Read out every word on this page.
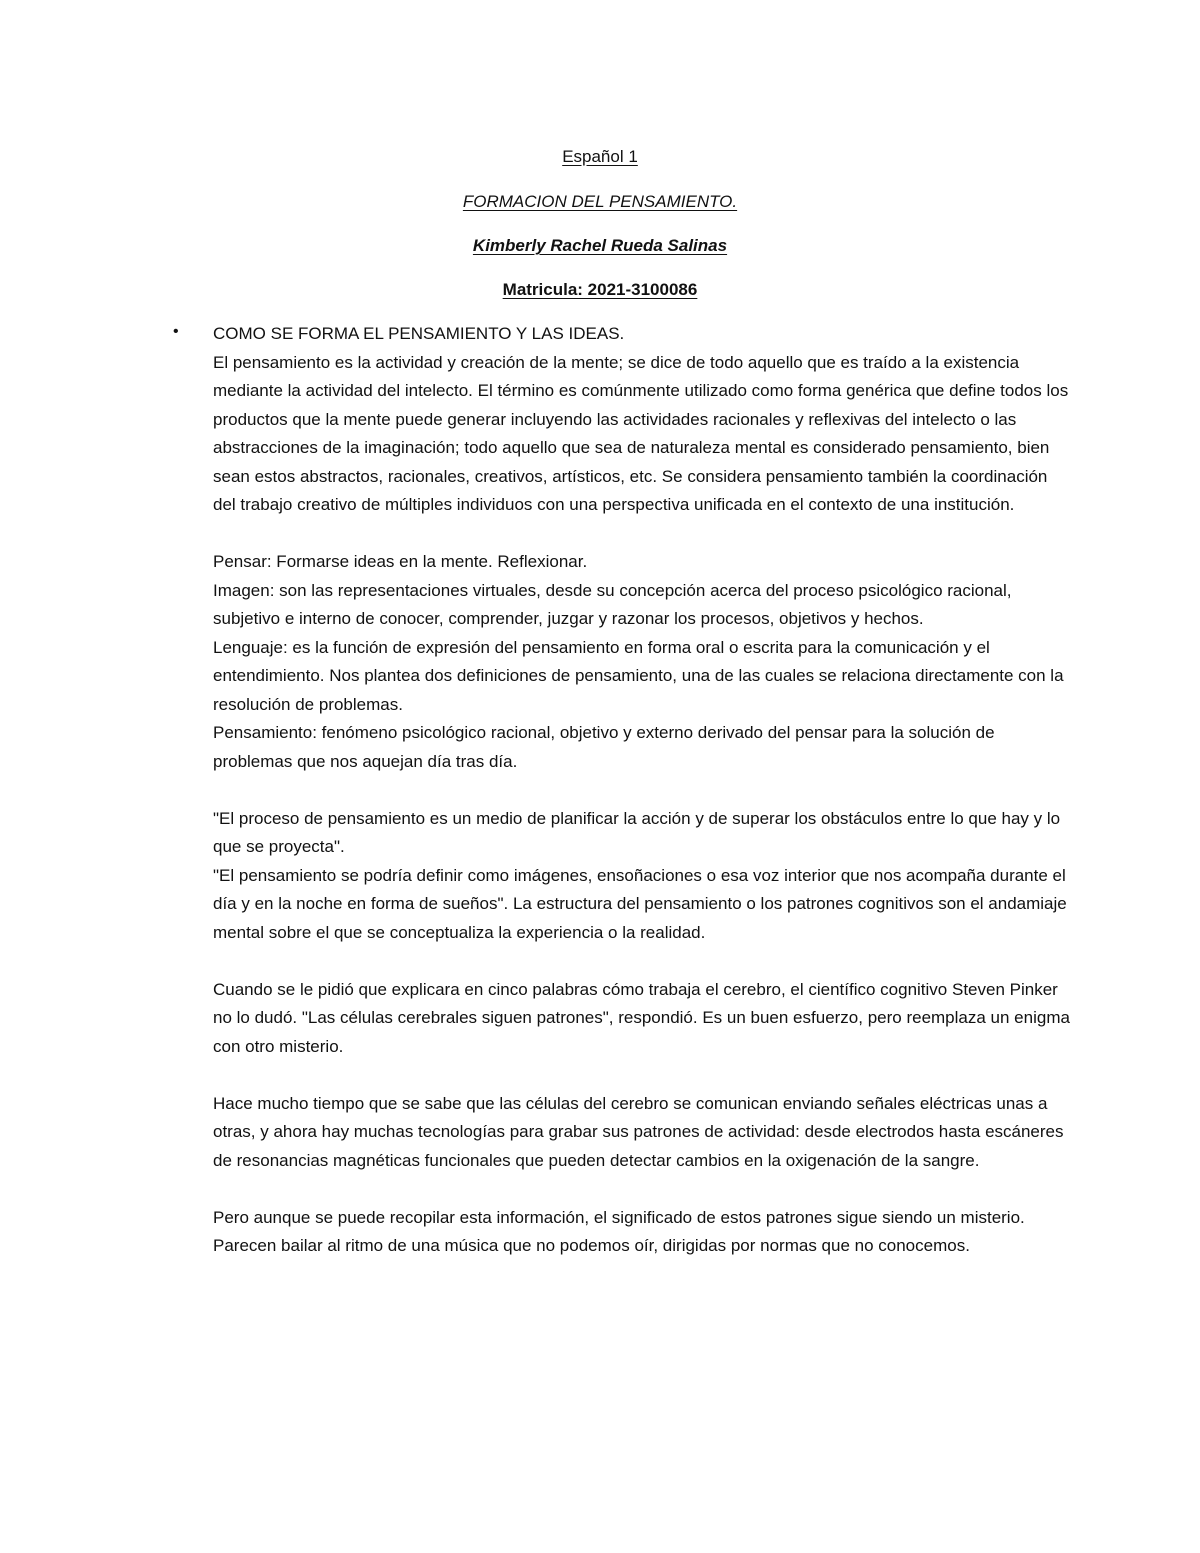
Español 1
FORMACION DEL PENSAMIENTO.
Kimberly Rachel Rueda Salinas
Matricula: 2021-3100086
• COMO SE FORMA EL PENSAMIENTO Y LAS IDEAS.

El pensamiento es la actividad y creación de la mente; se dice de todo aquello que es traído a la existencia mediante la actividad del intelecto. El término es comúnmente utilizado como forma genérica que define todos los productos que la mente puede generar incluyendo las actividades racionales y reflexivas del intelecto o las abstracciones de la imaginación; todo aquello que sea de naturaleza mental es considerado pensamiento, bien sean estos abstractos, racionales, creativos, artísticos, etc. Se considera pensamiento también la coordinación del trabajo creativo de múltiples individuos con una perspectiva unificada en el contexto de una institución.

Pensar: Formarse ideas en la mente. Reflexionar.

Imagen: son las representaciones virtuales, desde su concepción acerca del proceso psicológico racional, subjetivo e interno de conocer, comprender, juzgar y razonar los procesos, objetivos y hechos.

Lenguaje: es la función de expresión del pensamiento en forma oral o escrita para la comunicación y el entendimiento. Nos plantea dos definiciones de pensamiento, una de las cuales se relaciona directamente con la resolución de problemas.

Pensamiento: fenómeno psicológico racional, objetivo y externo derivado del pensar para la solución de problemas que nos aquejan día tras día.

"El proceso de pensamiento es un medio de planificar la acción y de superar los obstáculos entre lo que hay y lo que se proyecta".

"El pensamiento se podría definir como imágenes, ensoñaciones o esa voz interior que nos acompaña durante el día y en la noche en forma de sueños". La estructura del pensamiento o los patrones cognitivos son el andamiaje mental sobre el que se conceptualiza la experiencia o la realidad.

Cuando se le pidió que explicara en cinco palabras cómo trabaja el cerebro, el científico cognitivo Steven Pinker no lo dudó. "Las células cerebrales siguen patrones", respondió. Es un buen esfuerzo, pero reemplaza un enigma con otro misterio.

Hace mucho tiempo que se sabe que las células del cerebro se comunican enviando señales eléctricas unas a otras, y ahora hay muchas tecnologías para grabar sus patrones de actividad: desde electrodos hasta escáneres de resonancias magnéticas funcionales que pueden detectar cambios en la oxigenación de la sangre.

Pero aunque se puede recopilar esta información, el significado de estos patrones sigue siendo un misterio. Parecen bailar al ritmo de una música que no podemos oír, dirigidas por normas que no conocemos.
